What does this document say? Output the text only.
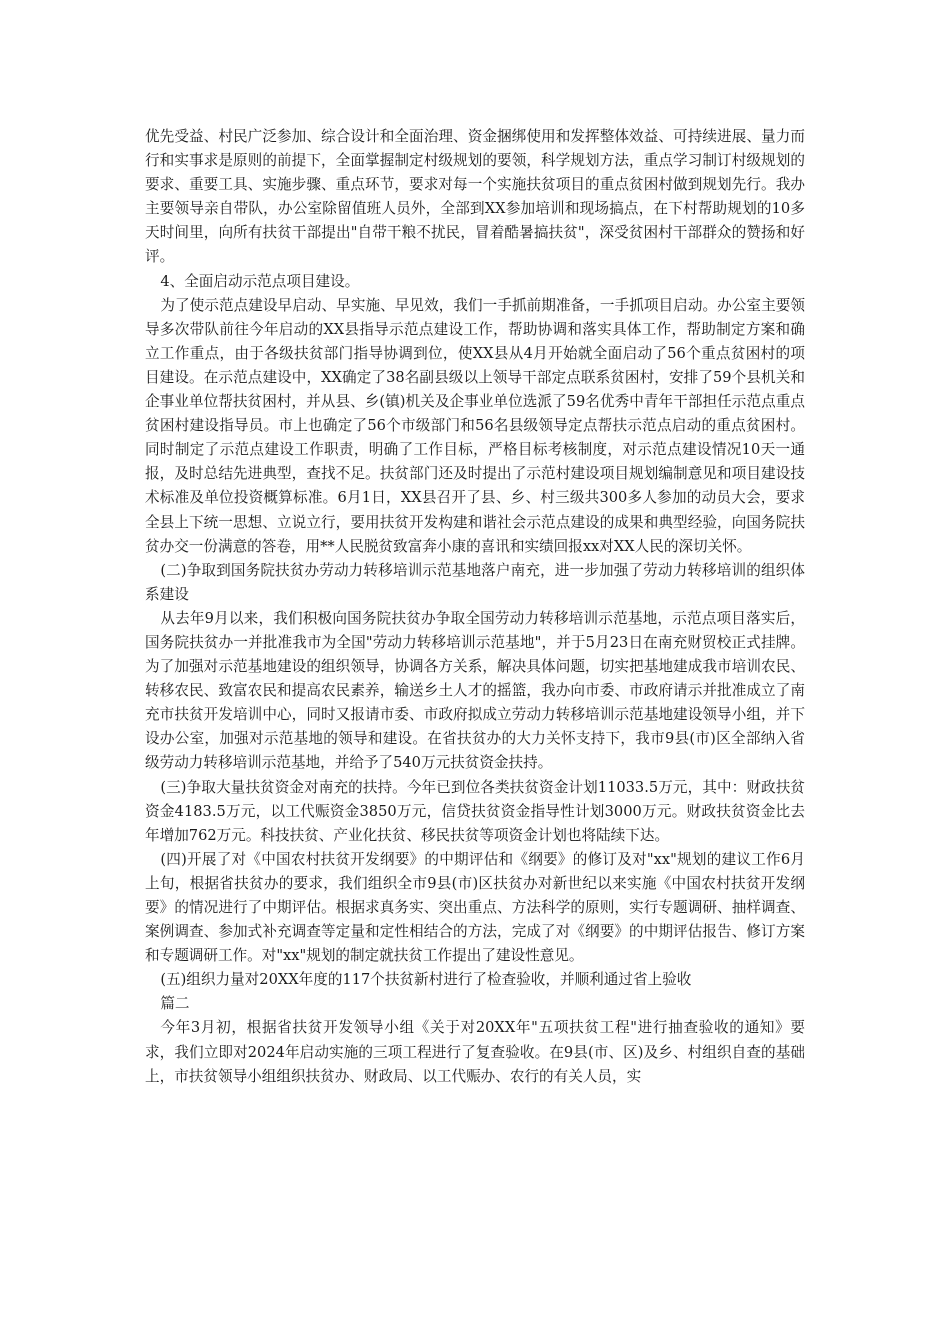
优先受益、村民广泛参加、综合设计和全面治理、资金捆绑使用和发挥整体效益、可持续进展、量力而行和实事求是原则的前提下，全面掌握制定村级规划的要领，科学规划方法，重点学习制订村级规划的要求、重要工具、实施步骤、重点环节，要求对每一个实施扶贫项目的重点贫困村做到规划先行。我办主要领导亲自带队，办公室除留值班人员外，全部到XX参加培训和现场搞点，在下村帮助规划的10多天时间里，向所有扶贫干部提出"自带干粮不扰民，冒着酷暑搞扶贫"，深受贫困村干部群众的赞扬和好评。

4、全面启动示范点项目建设。

为了使示范点建设早启动、早实施、早见效，我们一手抓前期准备，一手抓项目启动。办公室主要领导多次带队前往今年启动的XX县指导示范点建设工作，帮助协调和落实具体工作，帮助制定方案和确立工作重点，由于各级扶贫部门指导协调到位，使XX县从4月开始就全面启动了56个重点贫困村的项目建设。在示范点建设中，XX确定了38名副县级以上领导干部定点联系贫困村，安排了59个县机关和企事业单位帮扶贫困村，并从县、乡(镇)机关及企事业单位选派了59名优秀中青年干部担任示范点重点贫困村建设指导员。市上也确定了56个市级部门和56名县级领导定点帮扶示范点启动的重点贫困村。同时制定了示范点建设工作职责，明确了工作目标，严格目标考核制度，对示范点建设情况10天一通报，及时总结先进典型，查找不足。扶贫部门还及时提出了示范村建设项目规划编制意见和项目建设技术标准及单位投资概算标准。6月1日，XX县召开了县、乡、村三级共300多人参加的动员大会，要求全县上下统一思想、立说立行，要用扶贫开发构建和谐社会示范点建设的成果和典型经验，向国务院扶贫办交一份满意的答卷，用**人民脱贫致富奔小康的喜讯和实绩回报xx对XX人民的深切关怀。

(二)争取到国务院扶贫办劳动力转移培训示范基地落户南充，进一步加强了劳动力转移培训的组织体系建设

从去年9月以来，我们积极向国务院扶贫办争取全国劳动力转移培训示范基地，示范点项目落实后，国务院扶贫办一并批准我市为全国"劳动力转移培训示范基地"，并于5月23日在南充财贸校正式挂牌。为了加强对示范基地建设的组织领导，协调各方关系，解决具体问题，切实把基地建成我市培训农民、转移农民、致富农民和提高农民素养，输送乡土人才的摇篮，我办向市委、市政府请示并批准成立了南充市扶贫开发培训中心，同时又报请市委、市政府拟成立劳动力转移培训示范基地建设领导小组，并下设办公室，加强对示范基地的领导和建设。在省扶贫办的大力关怀支持下，我市9县(市)区全部纳入省级劳动力转移培训示范基地，并给予了540万元扶贫资金扶持。

(三)争取大量扶贫资金对南充的扶持。今年已到位各类扶贫资金计划11033.5万元，其中：财政扶贫资金4183.5万元，以工代赈资金3850万元，信贷扶贫资金指导性计划3000万元。财政扶贫资金比去年增加762万元。科技扶贫、产业化扶贫、移民扶贫等项资金计划也将陆续下达。

(四)开展了对《中国农村扶贫开发纲要》的中期评估和《纲要》的修订及对"xx"规划的建议工作6月上旬，根据省扶贫办的要求，我们组织全市9县(市)区扶贫办对新世纪以来实施《中国农村扶贫开发纲要》的情况进行了中期评估。根据求真务实、突出重点、方法科学的原则，实行专题调研、抽样调查、案例调查、参加式补充调查等定量和定性相结合的方法，完成了对《纲要》的中期评估报告、修订方案和专题调研工作。对"xx"规划的制定就扶贫工作提出了建设性意见。

(五)组织力量对20XX年度的117个扶贫新村进行了检查验收，并顺利通过省上验收

篇二

今年3月初，根据省扶贫开发领导小组《关于对20XX年"五项扶贫工程"进行抽查验收的通知》要求，我们立即对2024年启动实施的三项工程进行了复查验收。在9县(市、区)及乡、村组织自查的基础上，市扶贫领导小组组织扶贫办、财政局、以工代赈办、农行的有关人员，实
